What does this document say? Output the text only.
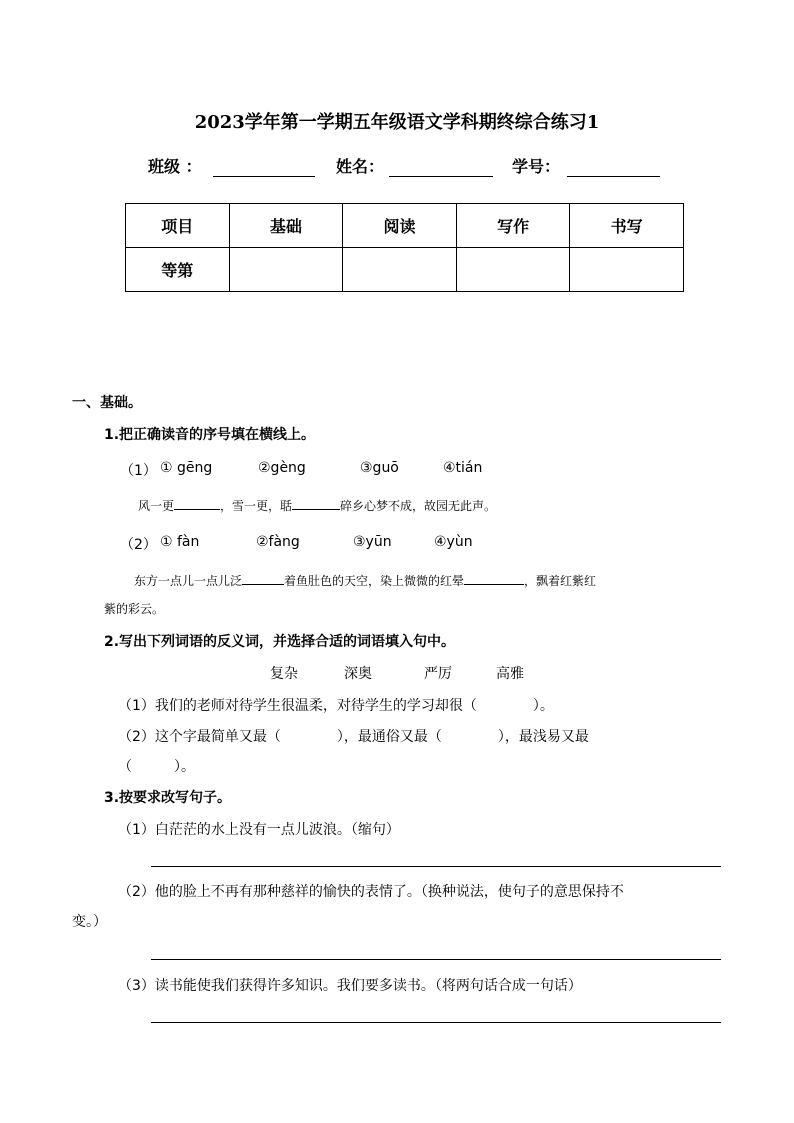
2023学年第一学期五年级语文学科期终综合练习1
班级 ：	姓名：	学号：
项目	基础	阅读	写作	书写
等第				
一、基础。
1.把正确读音的序号填在横线上。
（1） ① gēng	②gèng	③guō	④tián
风一更	，雪一更，聒	碎乡心梦不成，故园无此声。
（2） ① fàn	②fàng	③yūn	④yùn
东方一点儿一点儿泛	着鱼肚色的天空，染上微微的红晕	，飘着红紫红
紫的彩云。
2.写出下列词语的反义词，并选择合适的词语填入句中。
复杂	深奥	严厉	高雅
（1）我们的老师对待学生很温柔，对待学生的学习却很（　　　　）。
（2）这个字最简单又最（　　　　），最通俗又最（　　　　），最浅易又最
（　　　）。
3.按要求改写句子。
（1）白茫茫的水上没有一点儿波浪。（缩句）
（2）他的脸上不再有那种慈祥的愉快的表情了。（换种说法，使句子的意思保持不
变。）
（3）读书能使我们获得许多知识。我们要多读书。（将两句话合成一句话）
